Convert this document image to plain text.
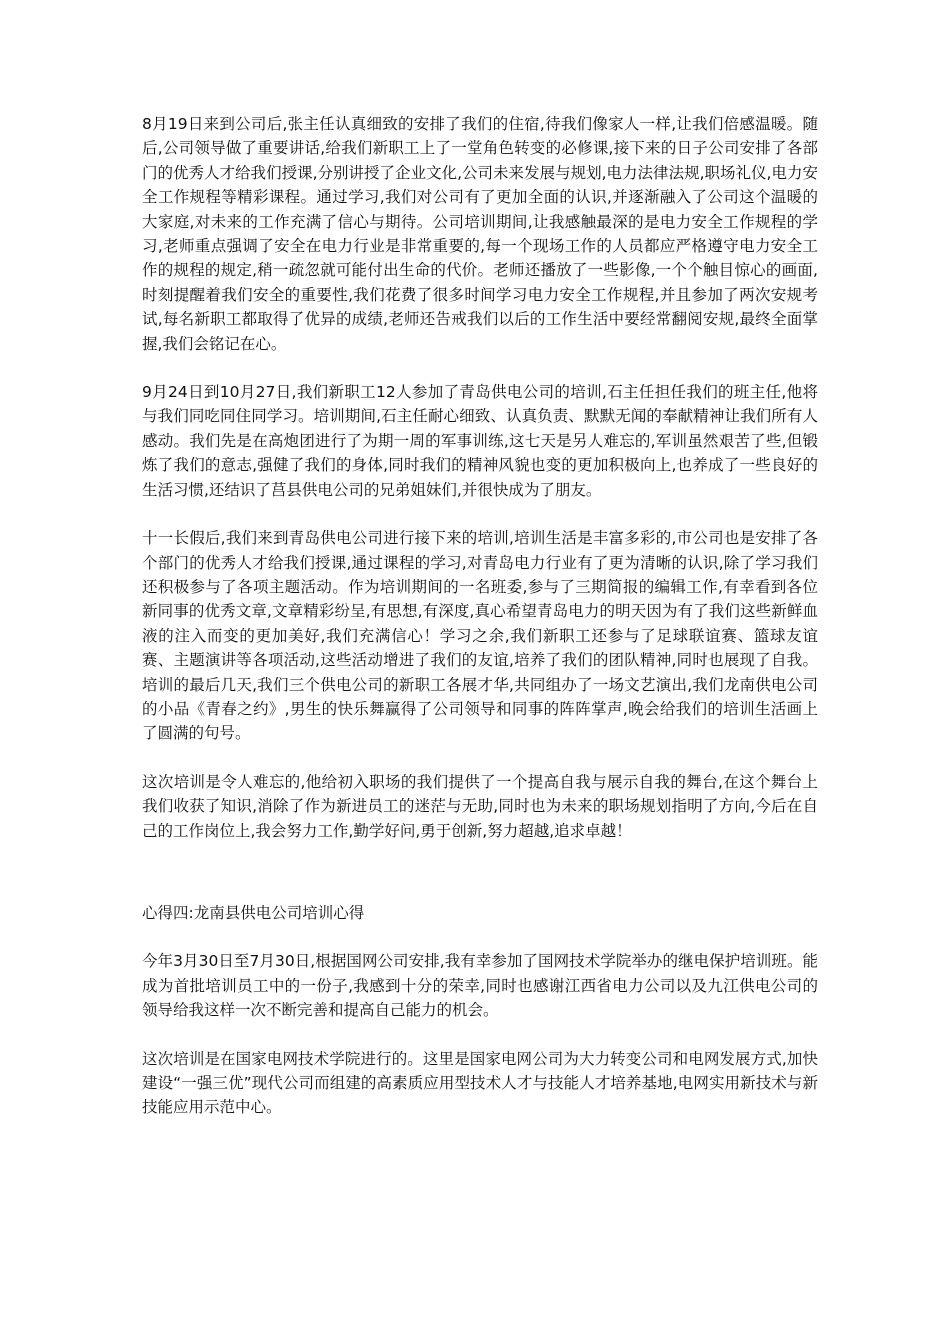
8月19日来到公司后,张主任认真细致的安排了我们的住宿,待我们像家人一样,让我们倍感温暖。随后,公司领导做了重要讲话,给我们新职工上了一堂角色转变的必修课,接下来的日子公司安排了各部门的优秀人才给我们授课,分别讲授了企业文化,公司未来发展与规划,电力法律法规,职场礼仪,电力安全工作规程等精彩课程。通过学习,我们对公司有了更加全面的认识,并逐渐融入了公司这个温暖的大家庭,对未来的工作充满了信心与期待。公司培训期间,让我感触最深的是电力安全工作规程的学习,老师重点强调了安全在电力行业是非常重要的,每一个现场工作的人员都应严格遵守电力安全工作的规程的规定,稍一疏忽就可能付出生命的代价。老师还播放了一些影像,一个个触目惊心的画面,时刻提醒着我们安全的重要性,我们花费了很多时间学习电力安全工作规程,并且参加了两次安规考试,每名新职工都取得了优异的成绩,老师还告戒我们以后的工作生活中要经常翻阅安规,最终全面掌握,我们会铭记在心。

9月24日到10月27日,我们新职工12人参加了青岛供电公司的培训,石主任担任我们的班主任,他将与我们同吃同住同学习。培训期间,石主任耐心细致、认真负责、默默无闻的奉献精神让我们所有人感动。我们先是在高炮团进行了为期一周的军事训练,这七天是另人难忘的,军训虽然艰苦了些,但锻炼了我们的意志,强健了我们的身体,同时我们的精神风貌也变的更加积极向上,也养成了一些良好的生活习惯,还结识了莒县供电公司的兄弟姐妹们,并很快成为了朋友。

十一长假后,我们来到青岛供电公司进行接下来的培训,培训生活是丰富多彩的,市公司也是安排了各个部门的优秀人才给我们授课,通过课程的学习,对青岛电力行业有了更为清晰的认识,除了学习我们还积极参与了各项主题活动。作为培训期间的一名班委,参与了三期简报的编辑工作,有幸看到各位新同事的优秀文章,文章精彩纷呈,有思想,有深度,真心希望青岛电力的明天因为有了我们这些新鲜血液的注入而变的更加美好,我们充满信心！学习之余,我们新职工还参与了足球联谊赛、篮球友谊赛、主题演讲等各项活动,这些活动增进了我们的友谊,培养了我们的团队精神,同时也展现了自我。培训的最后几天,我们三个供电公司的新职工各展才华,共同组办了一场文艺演出,我们龙南供电公司的小品《青春之约》,男生的快乐舞赢得了公司领导和同事的阵阵掌声,晚会给我们的培训生活画上了圆满的句号。

这次培训是令人难忘的,他给初入职场的我们提供了一个提高自我与展示自我的舞台,在这个舞台上我们收获了知识,消除了作为新进员工的迷茫与无助,同时也为未来的职场规划指明了方向,今后在自己的工作岗位上,我会努力工作,勤学好问,勇于创新,努力超越,追求卓越！

心得四:龙南县供电公司培训心得

今年3月30日至7月30日,根据国网公司安排,我有幸参加了国网技术学院举办的继电保护培训班。能成为首批培训员工中的一份子,我感到十分的荣幸,同时也感谢江西省电力公司以及九江供电公司的领导给我这样一次不断完善和提高自己能力的机会。

这次培训是在国家电网技术学院进行的。这里是国家电网公司为大力转变公司和电网发展方式,加快建设“一强三优”现代公司而组建的高素质应用型技术人才与技能人才培养基地,电网实用新技术与新技能应用示范中心。
